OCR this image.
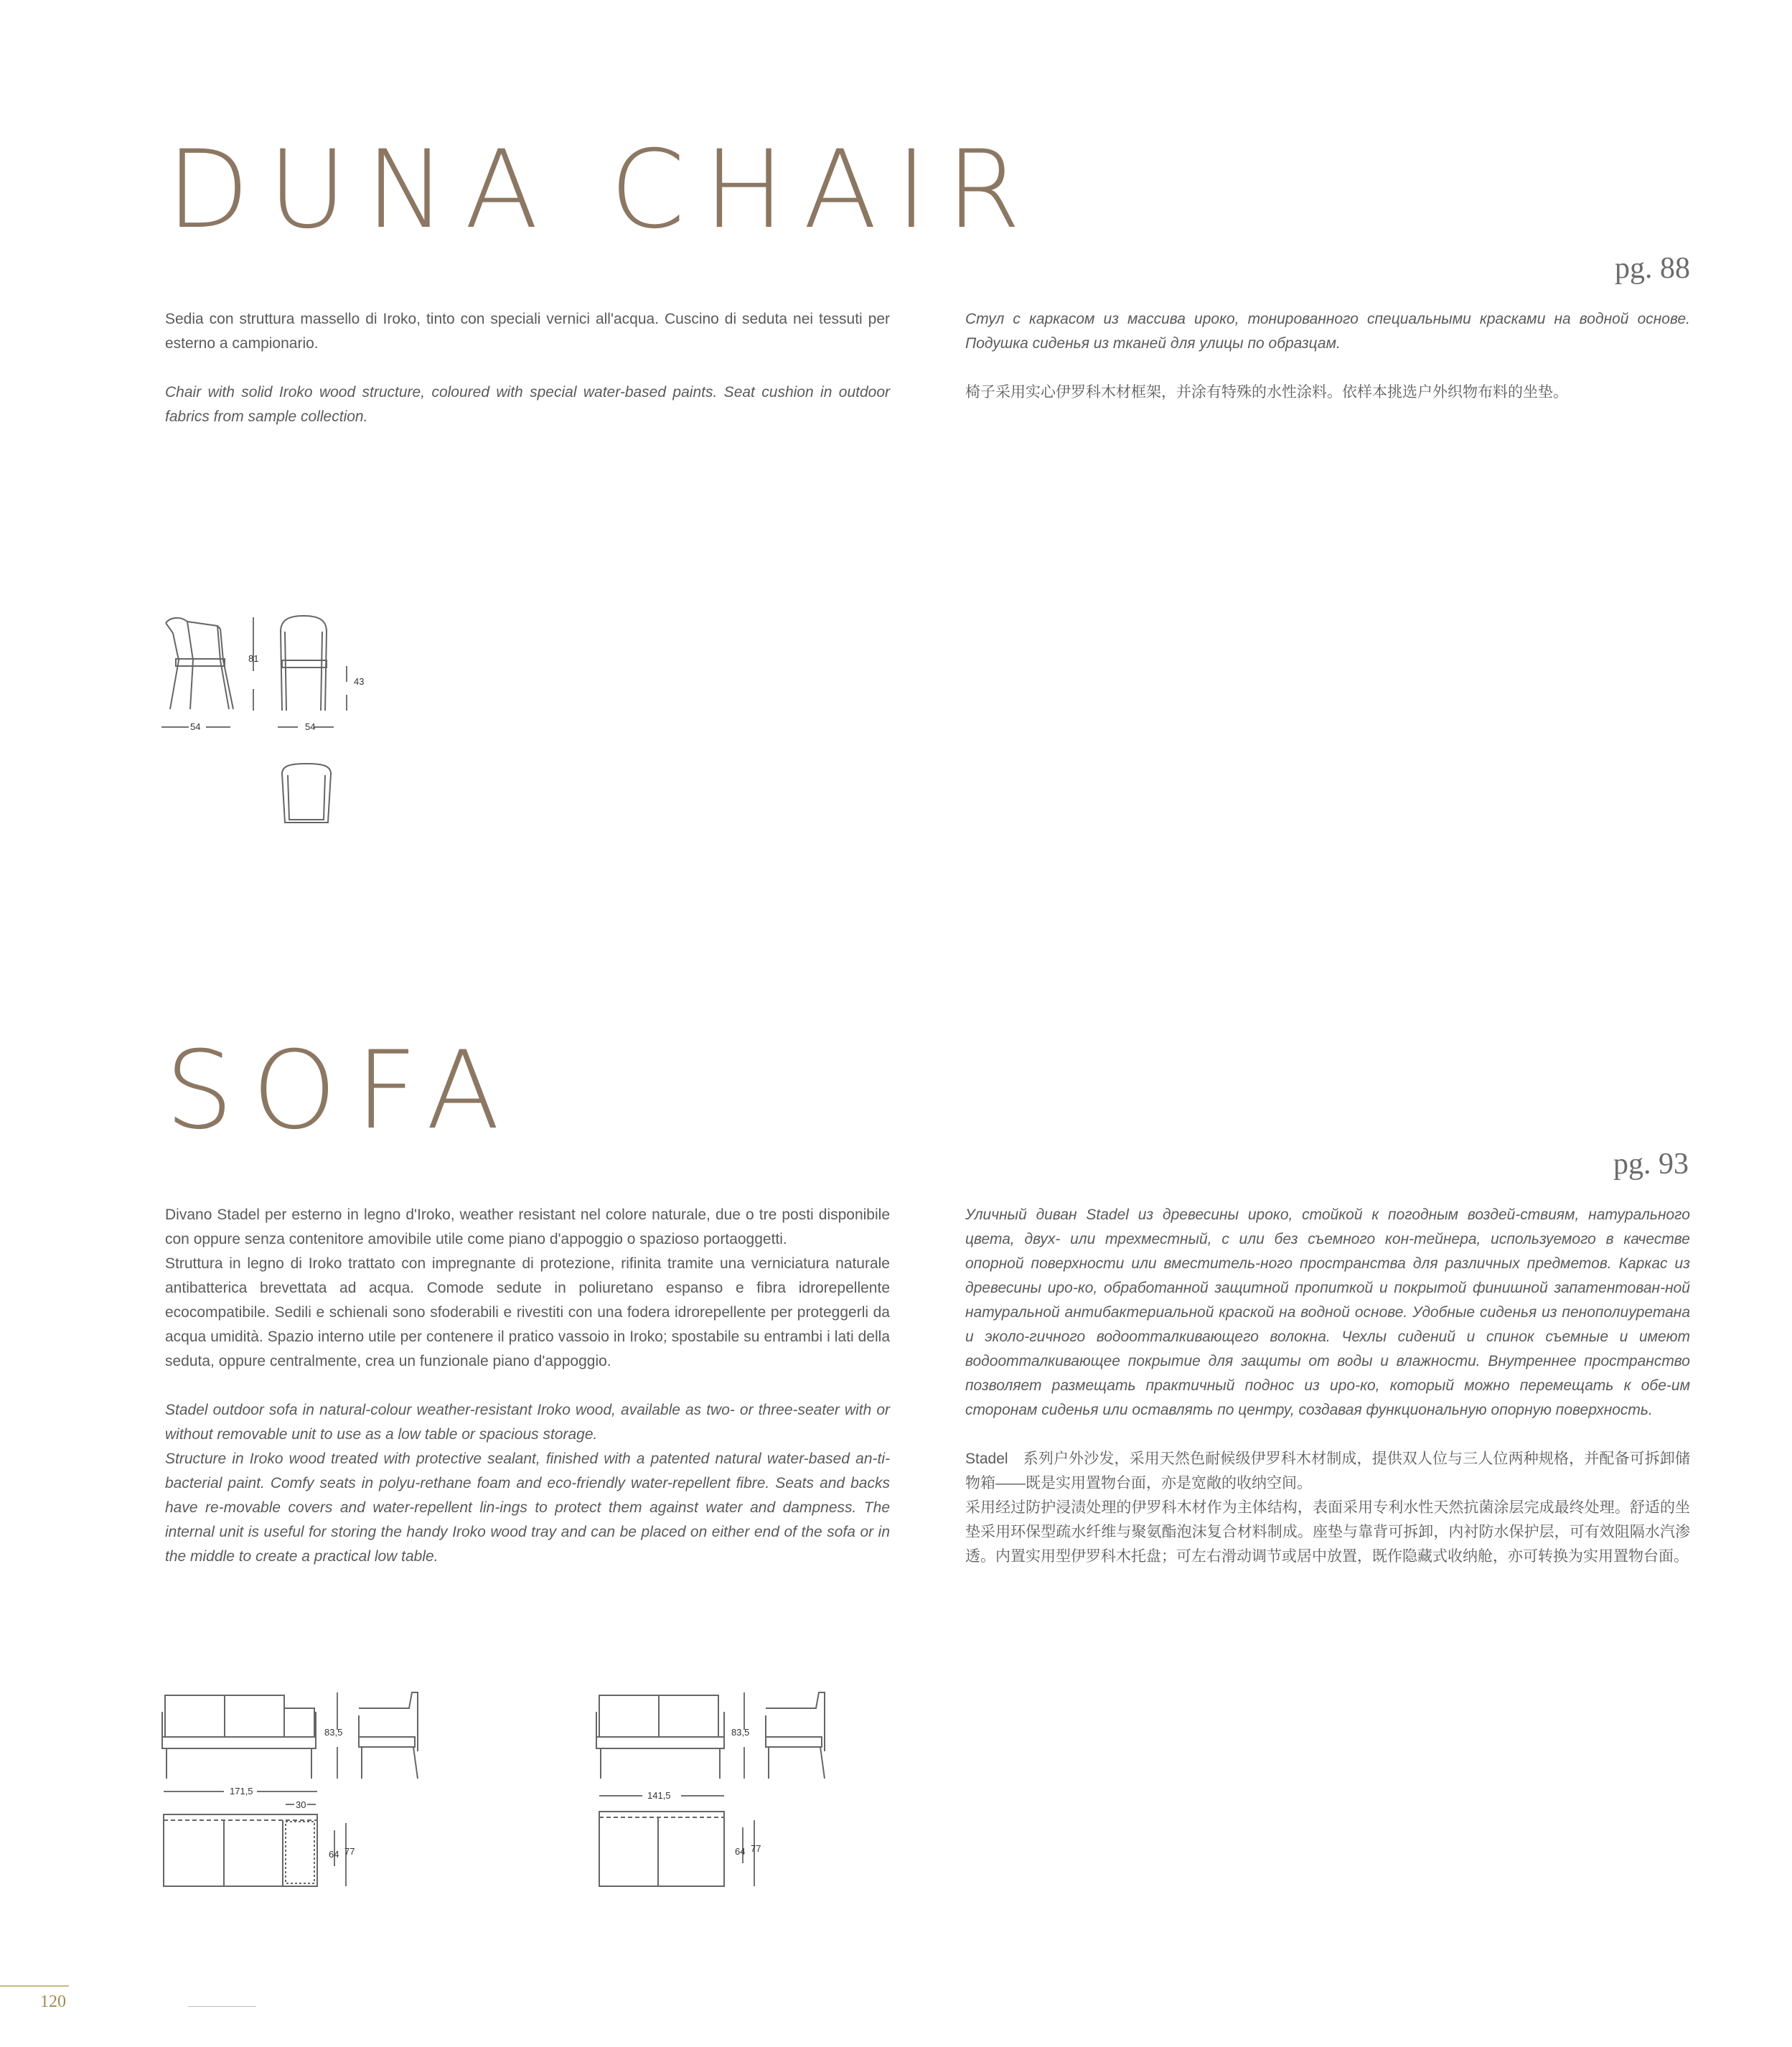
DUNA CHAIR
pg. 88

Sedia con struttura massello di Iroko, tinto con speciali vernici all'acqua. Cuscino di seduta nei tessuti per esterno a campionario.

Chair with solid Iroko wood structure, coloured with special water-based paints. Seat cushion in outdoor fabrics from sample collection.

Стул с каркасом из массива ироко, тонированного специальными красками на водной основе. Подушка сиденья из тканей для улицы по образцам.

椅子采用实心伊罗科木材框架，并涂有特殊的水性涂料。依样本挑选户外织物布料的坐垫。

81
43
54	54
SOFA
pg. 93

Divano Stadel per esterno in legno d'Iroko, weather resistant nel colore naturale, due o tre posti disponibile con oppure senza contenitore amovibile utile come piano d'appoggio o spazioso portaoggetti.

Struttura in legno di Iroko trattato con impregnante di protezione, rifinita tramite una verniciatura naturale antibatterica brevettata ad acqua. Comode sedute in poliuretano espanso e fibra idrorepellente ecocompatibile. Sedili e schienali sono sfoderabili e rivestiti con una fodera idrorepellente per proteggerli da acqua umidità. Spazio interno utile per contenere il pratico vassoio in Iroko; spostabile su entrambi i lati della seduta, oppure centralmente, crea un funzionale piano d'appoggio.

Stadel outdoor sofa in natural-colour weather-resistant Iroko wood, available as two- or three-seater with or without removable unit to use as a low table or spacious storage.

Structure in Iroko wood treated with protective sealant, finished with a patented natural water-based an-ti-bacterial paint. Comfy seats in polyu-rethane foam and eco-friendly water-repellent fibre. Seats and backs have re-movable covers and water-repellent lin-ings to protect them against water and dampness. The internal unit is useful for storing the handy Iroko wood tray and can be placed on either end of the sofa or in the middle to create a practical low table.

Уличный диван Stadel из древесины ироко, стойкой к погодным воздей-ствиям, натурального цвета, двух- или трехместный, с или без съемного кон-тейнера, используемого в качестве опорной поверхности или вместитель-ного пространства для различных предметов. Каркас из древесины иро-ко, обработанной защитной пропиткой и покрытой финишной запатентован-ной натуральной антибактериальной краской на водной основе. Удобные сиденья из пенополиуретана и эколо-гичного водоотталкивающего волокна. Чехлы сидений и спинок съемные и имеют водоотталкивающее покрытие для защиты от воды и влажности. Внутреннее пространство позволяет размещать практичный поднос из иро-ко, который можно перемещать к обе-им сторонам сиденья или оставлять по центру, создавая функциональную опорную поверхность.

Stadel　系列户外沙发，采用天然色耐候级伊罗科木材制成，提供双人位与三人位两种规格，并配备可拆卸储物箱——既是实用置物台面，亦是宽敞的收纳空间。

采用经过防护浸渍处理的伊罗科木材作为主体结构，表面采用专利水性天然抗菌涂层完成最终处理。舒适的坐垫采用环保型疏水纤维与聚氨酯泡沫复合材料制成。座垫与靠背可拆卸，内衬防水保护层，可有效阻隔水汽渗透。内置实用型伊罗科木托盘；可左右滑动调节或居中放置，既作隐藏式收纳舱，亦可转换为实用置物台面。

83,5
171,5
30
64 77
83,5
141,5
64 77
120
